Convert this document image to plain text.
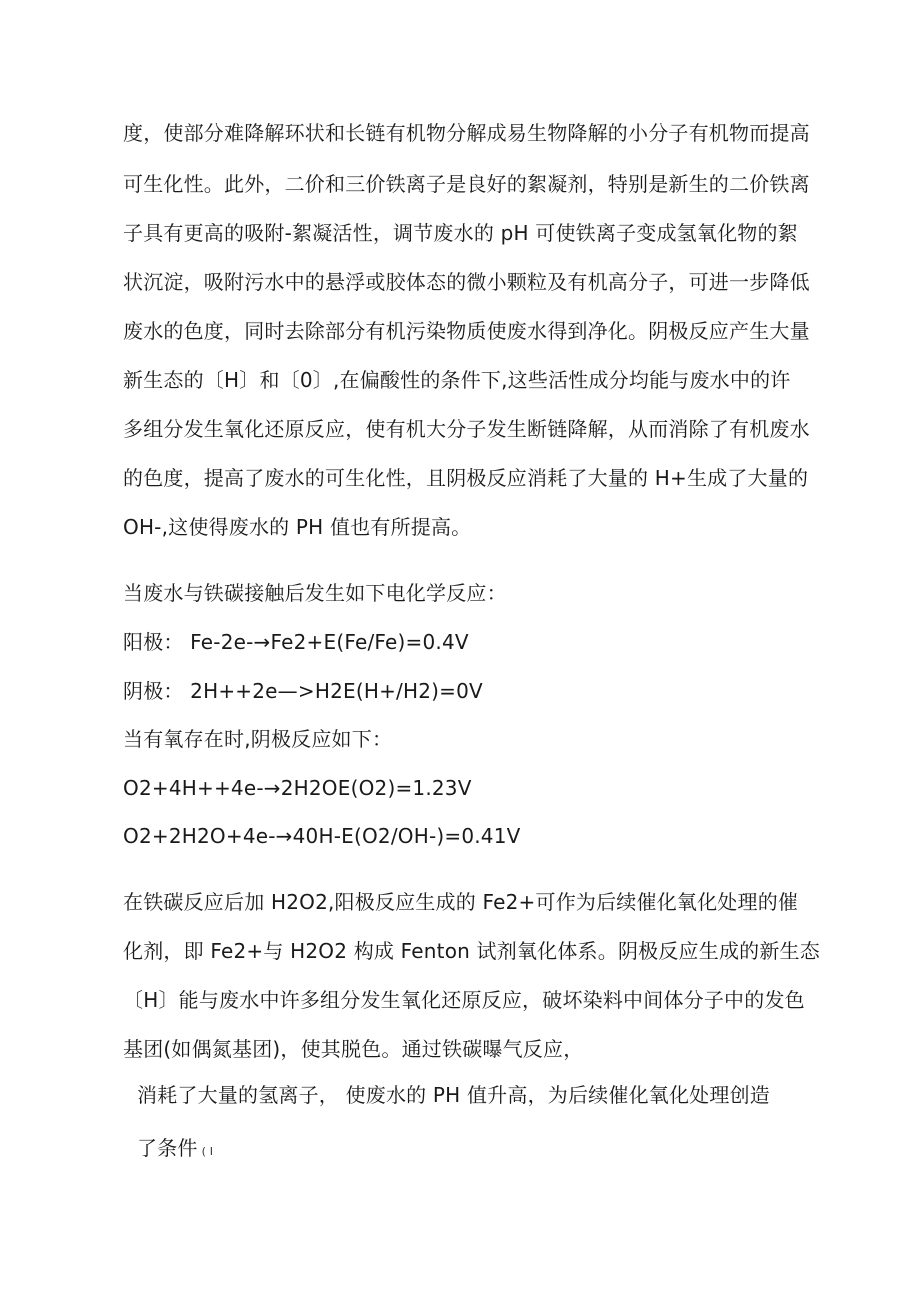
度，使部分难降解环状和长链有机物分解成易生物降解的小分子有机物而提高
可生化性。此外，二价和三价铁离子是良好的絮凝剂，特别是新生的二价铁离
子具有更高的吸附-絮凝活性，调节废水的 pH 可使铁离子变成氢氧化物的絮
状沉淀，吸附污水中的悬浮或胶体态的微小颗粒及有机高分子，可进一步降低
废水的色度，同时去除部分有机污染物质使废水得到净化。阴极反应产生大量
新生态的〔H〕和〔0〕,在偏酸性的条件下,这些活性成分均能与废水中的许
多组分发生氧化还原反应，使有机大分子发生断链降解，从而消除了有机废水
的色度，提高了废水的可生化性，且阴极反应消耗了大量的 H+生成了大量的
OH-,这使得废水的 PH 值也有所提高。
当废水与铁碳接触后发生如下电化学反应：
阳极： Fe-2e-→Fe2+E(Fe/Fe)=0.4V
阴极： 2H++2e—>H2E(H+/H2)=0V
当有氧存在时,阴极反应如下：
O2+4H++4e-→2H2OE(O2)=1.23V
O2+2H2O+4e-→40H-E(O2/OH-)=0.41V
在铁碳反应后加 H2O2,阳极反应生成的 Fe2+可作为后续催化氧化处理的催
化剂，即 Fe2+与 H2O2 构成 Fenton 试剂氧化体系。阴极反应生成的新生态
〔H〕能与废水中许多组分发生氧化还原反应，破坏染料中间体分子中的发色
基团(如偶氮基团)，使其脱色。通过铁碳曝气反应，
消耗了大量的氢离子， 使废水的 PH 值升高，为后续催化氧化处理创造
了条件 ( I
